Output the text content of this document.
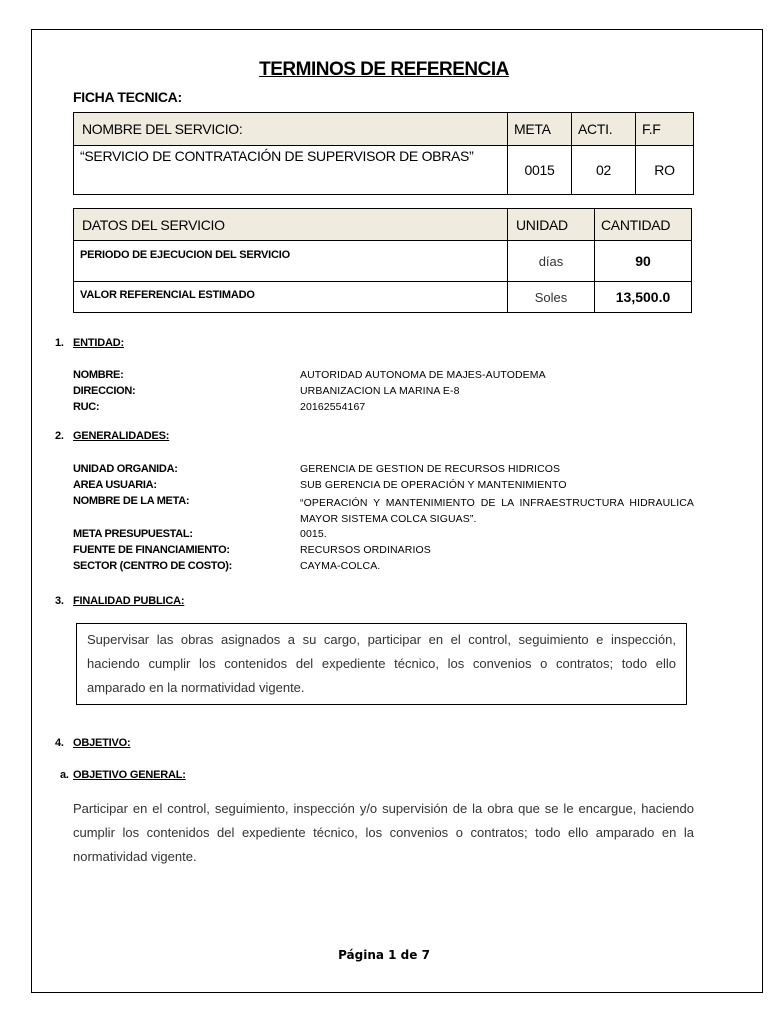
TERMINOS DE REFERENCIA
FICHA TECNICA:
NOMBRE DEL SERVICIO:	META	ACTI.	F.F
“SERVICIO DE CONTRATACIÓN DE SUPERVISOR DE OBRAS”	0015	02	RO
DATOS DEL SERVICIO	UNIDAD	CANTIDAD
PERIODO DE EJECUCION DEL SERVICIO	días	90
VALOR REFERENCIAL ESTIMADO	Soles	13,500.0
1. ENTIDAD:
NOMBRE:	AUTORIDAD AUTONOMA DE MAJES-AUTODEMA
DIRECCION:	URBANIZACION LA MARINA E-8
RUC:	20162554167
2. GENERALIDADES:
UNIDAD ORGANIDA:	GERENCIA DE GESTION DE RECURSOS HIDRICOS
AREA USUARIA:	SUB GERENCIA DE OPERACIÓN Y MANTENIMIENTO
NOMBRE DE LA META:	“OPERACIÓN Y MANTENIMIENTO DE LA INFRAESTRUCTURA HIDRAULICA MAYOR SISTEMA COLCA SIGUAS”.
META PRESUPUESTAL:	0015.
FUENTE DE FINANCIAMIENTO:	RECURSOS ORDINARIOS
SECTOR (CENTRO DE COSTO):	CAYMA-COLCA.
3. FINALIDAD PUBLICA:
Supervisar las obras asignados a su cargo, participar en el control, seguimiento e inspección, haciendo cumplir los contenidos del expediente técnico, los convenios o contratos; todo ello amparado en la normatividad vigente.
4. OBJETIVO:
a. OBJETIVO GENERAL:
Participar en el control, seguimiento, inspección y/o supervisión de la obra que se le encargue, haciendo cumplir los contenidos del expediente técnico, los convenios o contratos; todo ello amparado en la normatividad vigente.
Página 1 de 7
